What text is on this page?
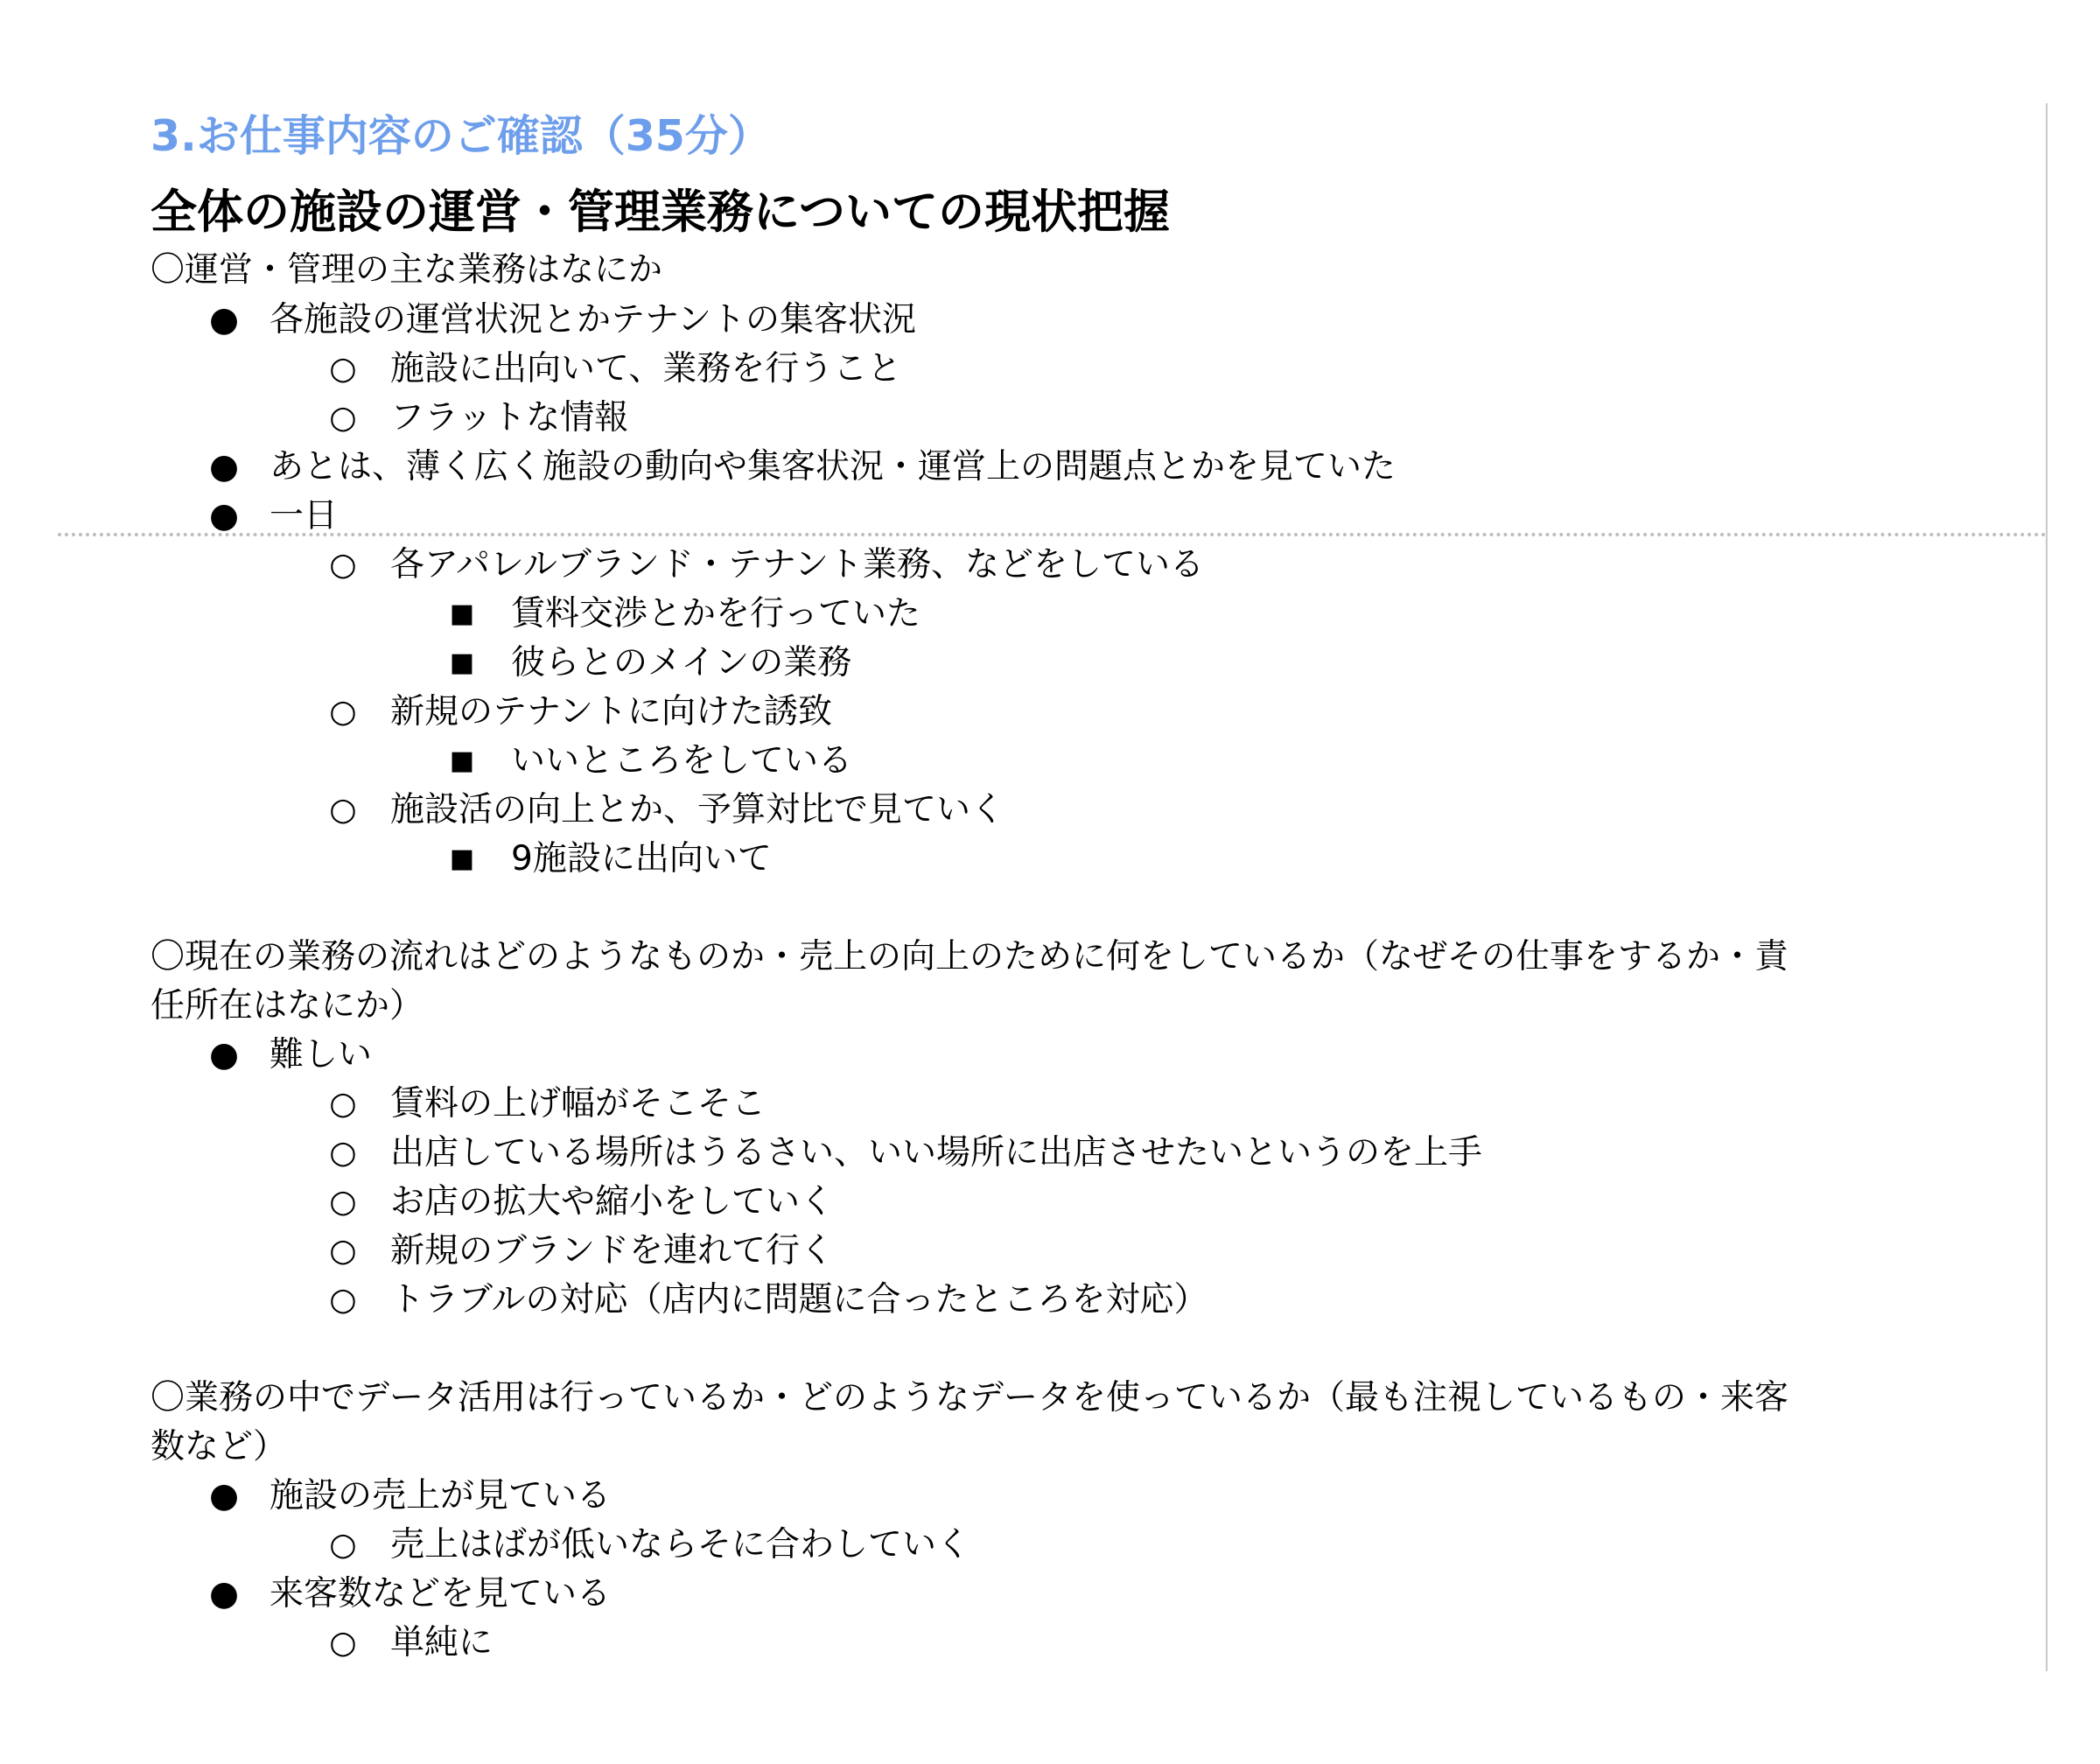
3.お仕事内容のご確認（35分）
全体の施設の運営・管理業務についての現状把握
〇運営・管理の主な業務はなにか
● 各施設の運営状況とかテナントの集客状況
○ 施設に出向いて、業務を行うこと
○ フラットな情報
● あとは、薄く広く施設の動向や集客状況・運営上の問題点とかを見ていた
● 一日
○ 各アパレルブランド・テナント業務、などをしている
■ 賃料交渉とかを行っていた
■ 彼らとのメインの業務
○ 新規のテナントに向けた誘致
■ いいところをしている
○ 施設活の向上とか、予算対比で見ていく
■ 9施設に出向いて
〇現在の業務の流れはどのようなものか・売上の向上のために何をしているか（なぜその仕事をするか・責
任所在はなにか）
● 難しい
○ 賃料の上げ幅がそこそこ
○ 出店している場所はうるさい、いい場所に出店させたいというのを上手
○ お店の拡大や縮小をしていく
○ 新規のブランドを連れて行く
○ トラブルの対応（店内に問題に合ったところを対応）
〇業務の中でデータ活用は行っているか・どのようなデータを使っているか（最も注視しているもの・来客
数など）
● 施設の売上が見ている
○ 売上はばが低いならそに合わしていく
● 来客数などを見ている
○ 単純に
